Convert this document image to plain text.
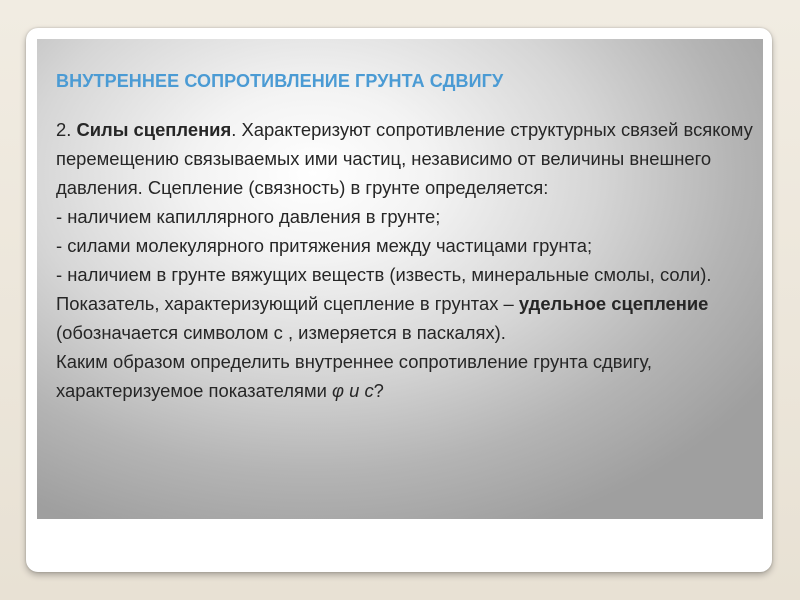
ВНУТРЕННЕЕ СОПРОТИВЛЕНИЕ ГРУНТА СДВИГУ

2. Силы сцепления. Характеризуют сопротивление структурных связей всякому перемещению связываемых ими частиц, независимо от величины внешнего давления. Сцепление (связность) в грунте определяется:

- наличием капиллярного давления в грунте;

- силами молекулярного притяжения между частицами грунта;

- наличием в грунте вяжущих веществ (известь, минеральные смолы, соли).

Показатель, характеризующий сцепление в грунтах – удельное сцепление (обозначается символом с , измеряется в паскалях).

Каким образом определить внутреннее сопротивление грунта сдвигу, характеризуемое показателями φ и с?
